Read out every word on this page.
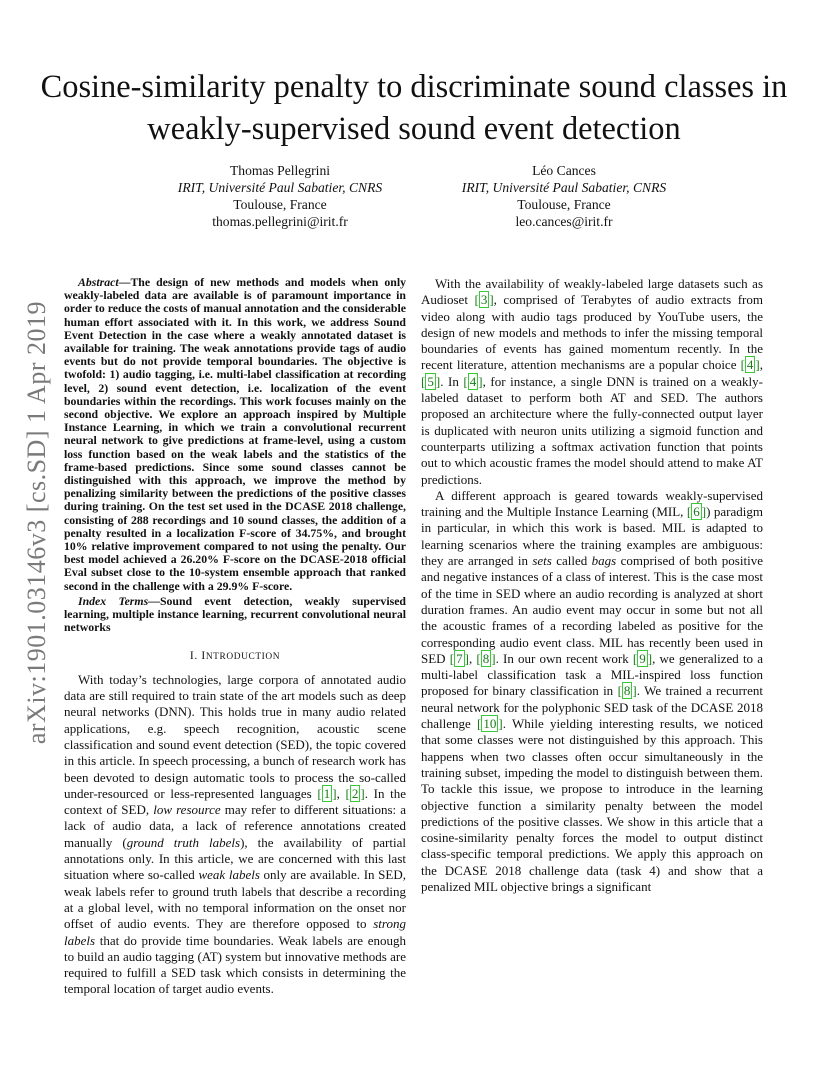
arXiv:1901.03146v3 [cs.SD] 1 Apr 2019
Cosine-similarity penalty to discriminate sound classes in weakly-supervised sound event detection
Thomas Pellegrini
IRIT, Université Paul Sabatier, CNRS
Toulouse, France
thomas.pellegrini@irit.fr
Léo Cances
IRIT, Université Paul Sabatier, CNRS
Toulouse, France
leo.cances@irit.fr

Abstract—The design of new methods and models when only weakly-labeled data are available is of paramount importance in order to reduce the costs of manual annotation and the considerable human effort associated with it. In this work, we address Sound Event Detection in the case where a weakly annotated dataset is available for training. The weak annotations provide tags of audio events but do not provide temporal boundaries. The objective is twofold: 1) audio tagging, i.e. multi-label classification at recording level, 2) sound event detection, i.e. localization of the event boundaries within the recordings. This work focuses mainly on the second objective. We explore an approach inspired by Multiple Instance Learning, in which we train a convolutional recurrent neural network to give predictions at frame-level, using a custom loss function based on the weak labels and the statistics of the frame-based predictions. Since some sound classes cannot be distinguished with this approach, we improve the method by penalizing similarity between the predictions of the positive classes during training. On the test set used in the DCASE 2018 challenge, consisting of 288 recordings and 10 sound classes, the addition of a penalty resulted in a localization F-score of 34.75%, and brought 10% relative improvement compared to not using the penalty. Our best model achieved a 26.20% F-score on the DCASE-2018 official Eval subset close to the 10-system ensemble approach that ranked second in the challenge with a 29.9% F-score.

Index Terms—Sound event detection, weakly supervised learning, multiple instance learning, recurrent convolutional neural networks

I. INTRODUCTION

With today’s technologies, large corpora of annotated audio data are still required to train state of the art models such as deep neural networks (DNN). This holds true in many audio related applications, e.g. speech recognition, acoustic scene classification and sound event detection (SED), the topic covered in this article. In speech processing, a bunch of research work has been devoted to design automatic tools to process the so-called under-resourced or less-represented languages [ 1 ], [ 2 ]. In the context of SED, low resource may refer to different situations: a lack of audio data, a lack of reference annotations created manually (ground truth labels), the availability of partial annotations only. In this article, we are concerned with this last situation where so-called weak labels only are available. In SED, weak labels refer to ground truth labels that describe a recording at a global level, with no temporal information on the onset nor offset of audio events. They are therefore opposed to strong labels that do provide time boundaries. Weak labels are enough to build an audio tagging (AT) system but innovative methods are required to fulfill a SED task which consists in determining the temporal location of target audio events.

With the availability of weakly-labeled large datasets such as Audioset [ 3 ], comprised of Terabytes of audio extracts from video along with audio tags produced by YouTube users, the design of new models and methods to infer the missing temporal boundaries of events has gained momentum recently. In the recent literature, attention mechanisms are a popular choice [ 4 ], [ 5 ]. In [ 4 ], for instance, a single DNN is trained on a weakly-labeled dataset to perform both AT and SED. The authors proposed an architecture where the fully-connected output layer is duplicated with neuron units utilizing a sigmoid function and counterparts utilizing a softmax activation function that points out to which acoustic frames the model should attend to make AT predictions.

A different approach is geared towards weakly-supervised training and the Multiple Instance Learning (MIL, [ 6 ]) paradigm in particular, in which this work is based. MIL is adapted to learning scenarios where the training examples are ambiguous: they are arranged in sets called bags comprised of both positive and negative instances of a class of interest. This is the case most of the time in SED where an audio recording is analyzed at short duration frames. An audio event may occur in some but not all the acoustic frames of a recording labeled as positive for the corresponding audio event class. MIL has recently been used in SED [ 7 ], [ 8 ]. In our own recent work [ 9 ], we generalized to a multi-label classification task a MIL-inspired loss function proposed for binary classification in [ 8 ]. We trained a recurrent neural network for the polyphonic SED task of the DCASE 2018 challenge [ 10 ]. While yielding interesting results, we noticed that some classes were not distinguished by this approach. This happens when two classes often occur simultaneously in the training subset, impeding the model to distinguish between them. To tackle this issue, we propose to introduce in the learning objective function a similarity penalty between the model predictions of the positive classes. We show in this article that a cosine-similarity penalty forces the model to output distinct class-specific temporal predictions. We apply this approach on the DCASE 2018 challenge data (task 4) and show that a penalized MIL objective brings a significant
